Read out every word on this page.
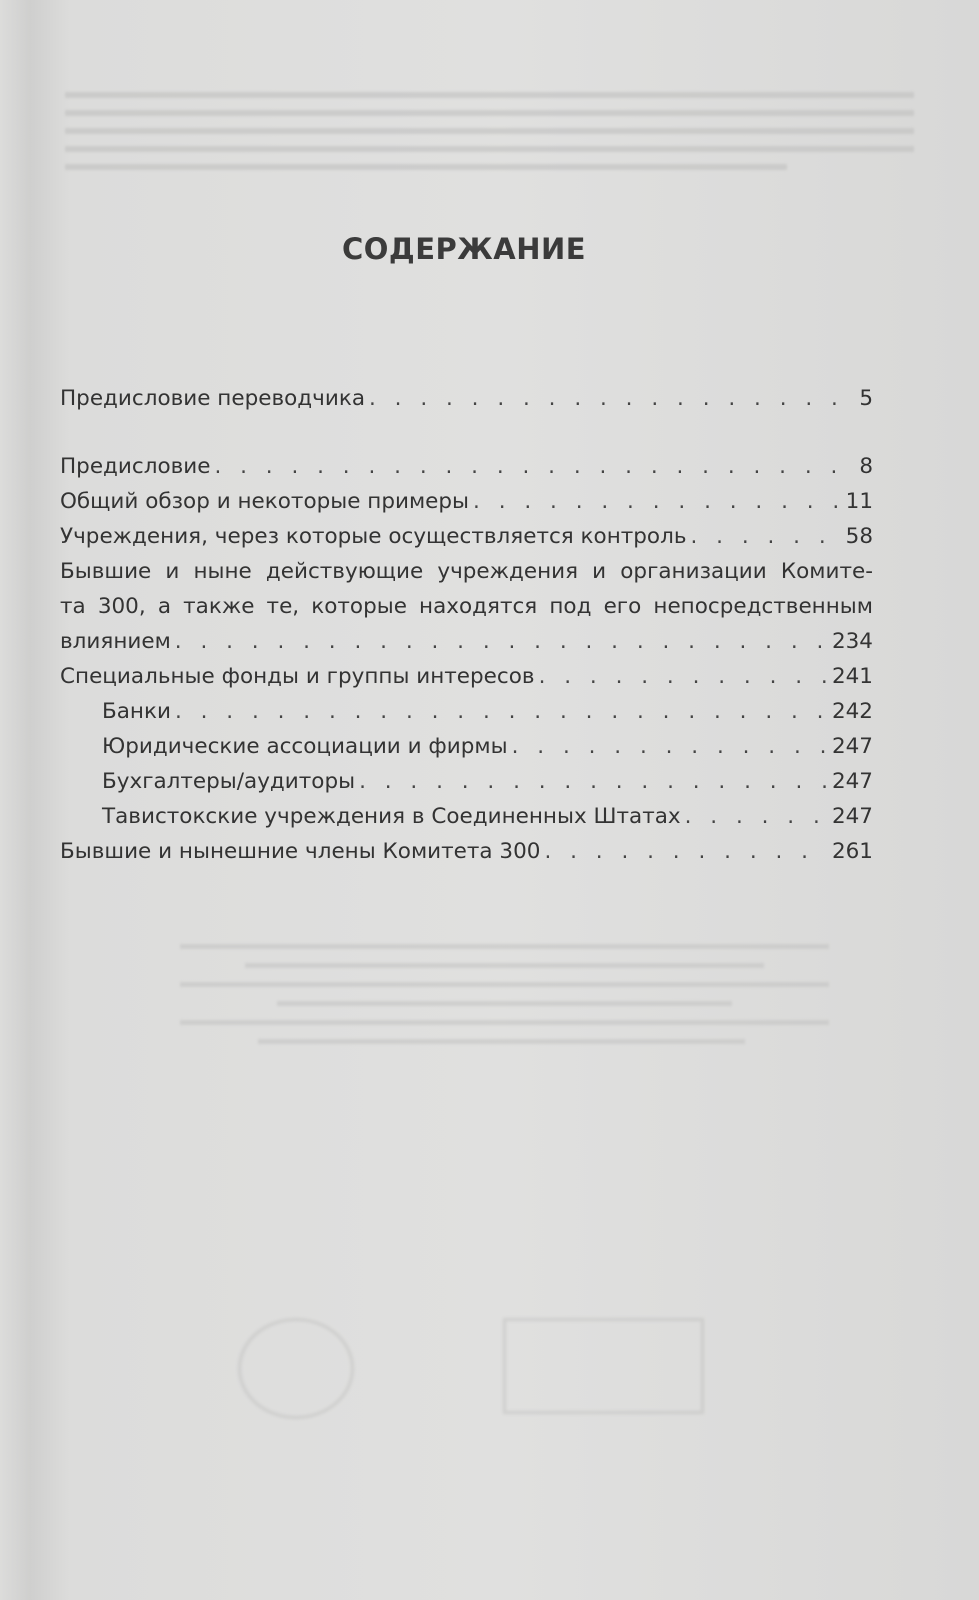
СОДЕРЖАНИЕ
Предисловие переводчика . . .	5
Предисловие . . .	8
Общий обзор и некоторые примеры . . .	11
Учреждения, через которые осуществляется контроль . . .	58
Бывшие и ныне действующие учреждения и организации Комите-
та 300, а также те, которые находятся под его непосредственным
влиянием . . .	234
Специальные фонды и группы интересов . . .	241
Банки . . .	242
Юридические ассоциации и фирмы . . .	247
Бухгалтеры/аудиторы . . .	247
Тавистокские учреждения в Соединенных Штатах . . .	247
Бывшие и нынешние члены Комитета 300 . . .	261
